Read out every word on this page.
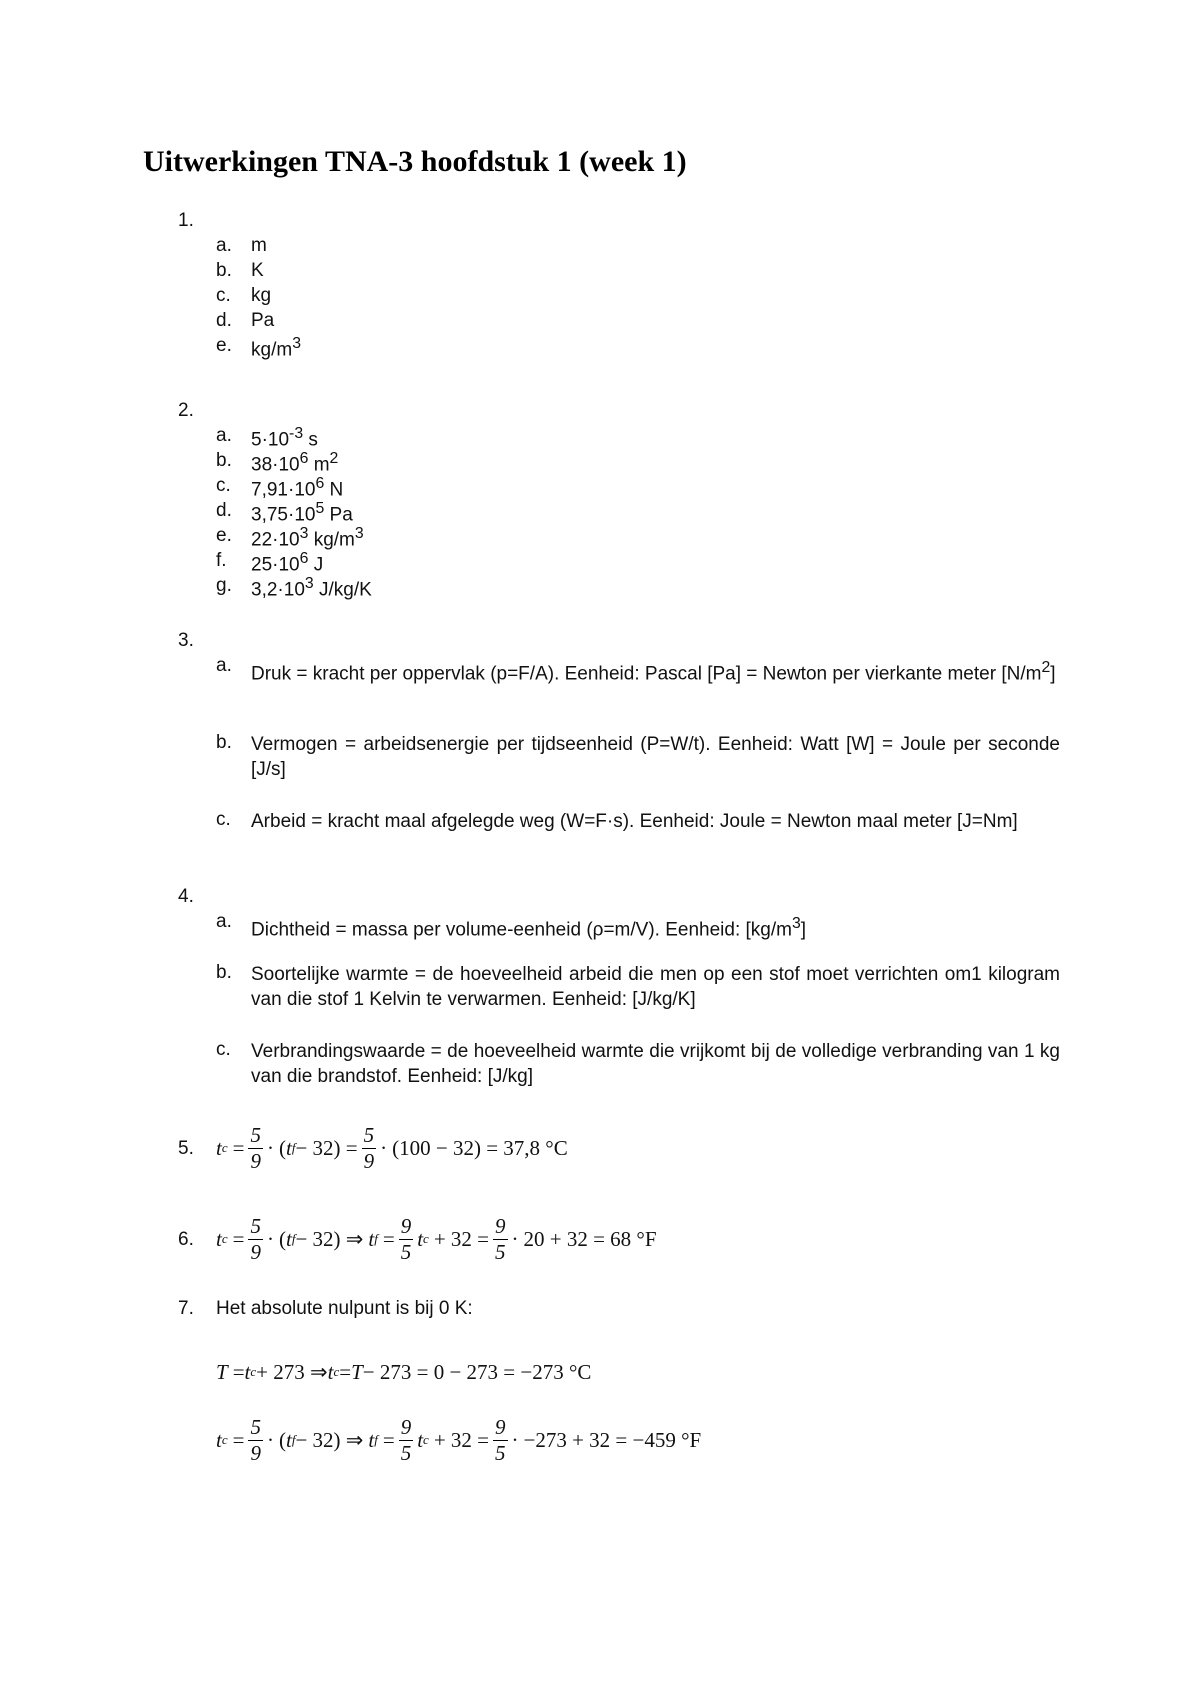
Uitwerkingen TNA-3 hoofdstuk 1 (week 1)
1.
a. m
b. K
c. kg
d. Pa
e. $kg/m^3$
2.
a. $5\cdot 10^{-3}$ s
b. $38\cdot 10^6$ $m^2$
c. $7,91\cdot 10^6$ N
d. $3,75\cdot 10^5$ Pa
e. $22\cdot 10^3$ $kg/m^3$
f. $25\cdot 10^6$ J
g. $3,2\cdot 10^3$ J/kg/K
3.
a. Druk = kracht per oppervlak (p=F/A). Eenheid: Pascal [Pa] = Newton per vierkante meter $[N/m^2]$
b. Vermogen = arbeidsenergie per tijdseenheid (P=W/t). Eenheid: Watt [W] = Joule per seconde [J/s]
c. Arbeid = kracht maal afgelegde weg (W=F·s). Eenheid: Joule = Newton maal meter [J=Nm]
4.
a. Dichtheid = massa per volume-eenheid (ρ=m/V). Eenheid: $[kg/m^3]$
b. Soortelijke warmte = de hoeveelheid arbeid die men op een stof moet verrichten om1 kilogram van die stof 1 Kelvin te verwarmen. Eenheid: [J/kg/K]
c. Verbrandingswaarde = de hoeveelheid warmte die vrijkomt bij de volledige verbranding van 1 kg van die brandstof. Eenheid: [J/kg]
5. t $c = \frac{5}{9}$ · ( t $f - 32) = \frac{5}{9} \cdot (100 - 32) = 37,8$ °C
6. t $c = \frac{5}{9}$ · ( t f − 32) ⇒ t $f = \frac{9}{5}$ t $c + 32 = \frac{9}{5} \cdot 20 + 32 = 68$ °F
7. Het absolute nulpunt is bij 0 K:
T = t c + 273 ⇒ t c = T − 273 = 0 − 273 = −273 °C
t $c = \frac{5}{9}$ · ( t f − 32) ⇒ t $f = \frac{9}{5}$ t $c + 32 = \frac{9}{5} \cdot -273 + 32 = -459$ °F
